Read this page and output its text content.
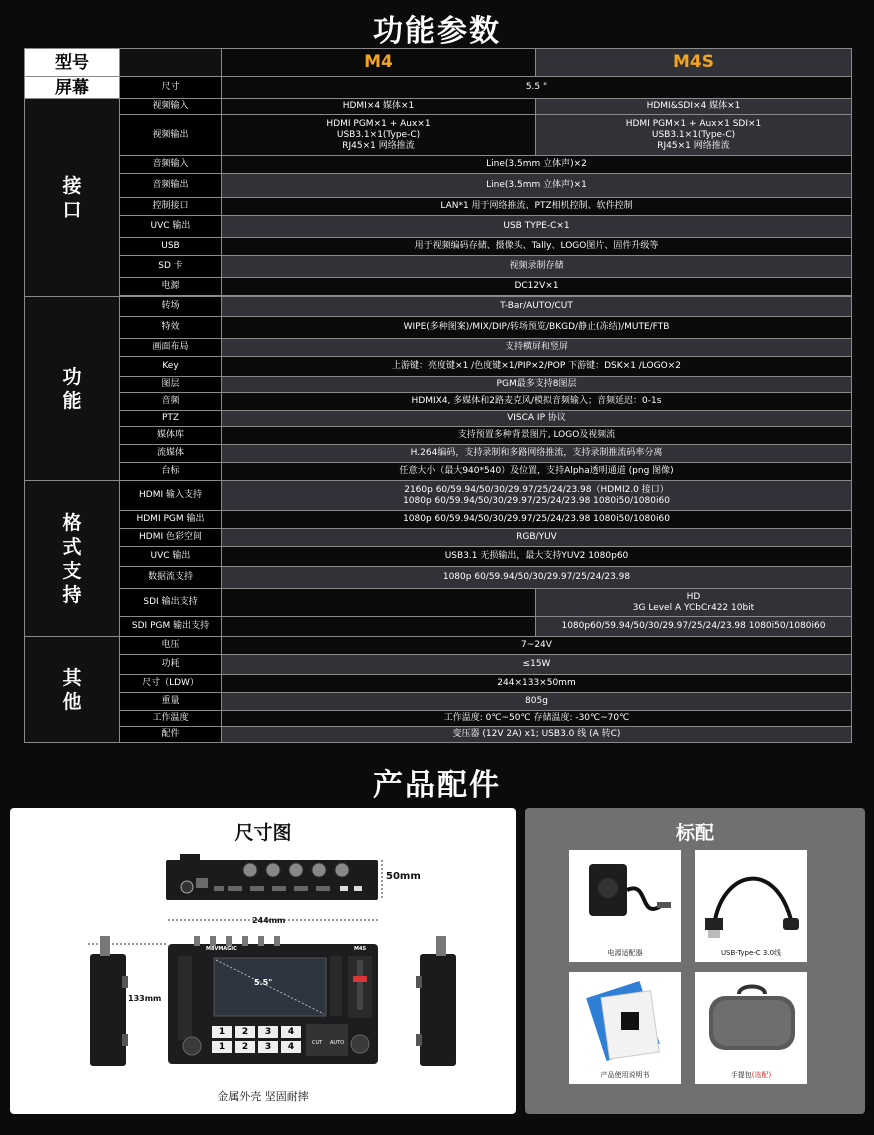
功能参数
型号		M4	M4S
屏幕	尺寸	5.5 "	
接
口	视频输入	HDMI×4 媒体×1	HDMI&SDI×4 媒体×1
	视频输出	HDMI PGM×1 + Aux×1
USB3.1×1(Type-C)
RJ45×1 网络推流	HDMI PGM×1 + Aux×1 SDI×1
USB3.1×1(Type-C)
RJ45×1 网络推流
	音频输入	Line(3.5mm 立体声)×2	
	音频输出	Line(3.5mm 立体声)×1	
	控制接口	LAN*1 用于网络推流、PTZ相机控制、软件控制	
	UVC 输出	USB TYPE-C×1	
	USB	用于视频编码存储、摄像头、Tally、LOGO图片、固件升级等	
	SD 卡	视频录制存储	
	电源	DC12V×1	

功
能	转场	T-Bar/AUTO/CUT	
	特效	WIPE(多种图案)/MIX/DIP/转场预览/BKGD/静止(冻结)/MUTE/FTB	
	画面布局	支持横屏和竖屏	
	Key	上游键：亮度键×1 /色度键×1/PIP×2/POP 下游键：DSK×1 /LOGO×2	
	图层	PGM最多支持8图层	
	音频	HDMIX4, 多媒体和2路麦克风/模拟音频输入；音频延迟：0-1s	
	PTZ	VISCA IP 协议	
	媒体库	支持预置多种背景图片, LOGO及视频流	
	流媒体	H.264编码，支持录制和多路网络推流，支持录制推流码率分离	
	台标	任意大小（最大940*540）及位置，支持Alpha透明通道 (png 图像)	
格
式
支
持	HDMI 输入支持	2160p 60/59.94/50/30/29.97/25/24/23.98（HDMI2.0 接口）
1080p 60/59.94/50/30/29.97/25/24/23.98 1080i50/1080i60	
	HDMI PGM 输出	1080p 60/59.94/50/30/29.97/25/24/23.98 1080i50/1080i60	
	HDMI 色彩空间	RGB/YUV	
	UVC 输出	USB3.1 无损输出，最大支持YUV2 1080p60	
	数据流支持	1080p 60/59.94/50/30/29.97/25/24/23.98	
	SDI 输出支持		HD
3G Level A YCbCr422 10bit
	SDI PGM 输出支持		1080p60/59.94/50/30/29.97/25/24/23.98 1080i50/1080i60
其
他	电压	7~24V	
	功耗	≤15W	
	尺寸（LDW）	244×133×50mm	
	重量	805g	
	工作温度	工作温度: 0℃~50℃ 存储温度: -30℃~70℃	
	配件	变压器 (12V 2A) x1; USB3.0 线 (A 转C)	
产品配件
尺寸图
50mm
244mm
133mm
5.5"
M8VMAGIC	M4S
1	2	3	4
1	2	3	4	CUT AUTO
金属外壳 坚固耐摔
标配
电源适配器	USB-Type-C 3.0线
产品使用说明书	手提包(选配)
